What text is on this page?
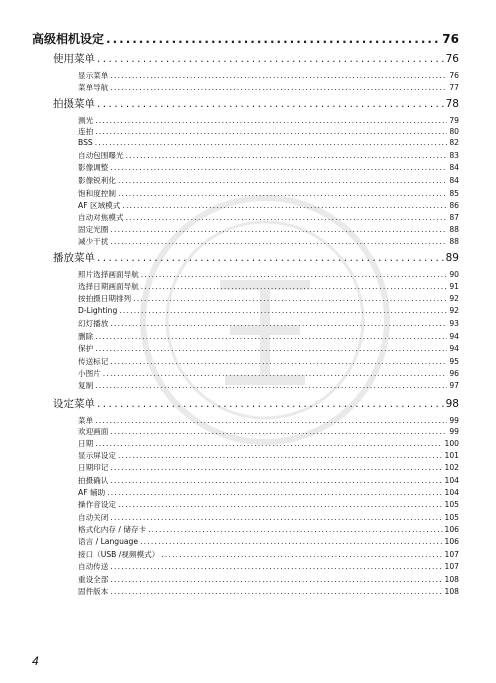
高级相机设定 .....	76
使用菜单 .....	76
显示菜单 .....	76
菜单导航 .....	77
拍摄菜单 .....	78
测光 .....	79
连拍 .....	80
BSS .....	82
自动包围曝光 .....	83
影像调整 .....	84
影像锐利化 .....	84
饱和度控制 .....	85
AF 区域模式 .....	86
自动对焦模式 .....	87
固定光圈 .....	88
减少干扰 .....	88
播放菜单 .....	89
照片选择画面导航 .....	90
选择日期画面导航 .....	91
按拍摄日期排列 .....	92
D-Lighting .....	92
幻灯播放 .....	93
删除 .....	94
保护 .....	94
传送标记 .....	95
小图片 .....	96
复制 .....	97
设定菜单 .....	98
菜单 .....	99
欢迎画面 .....	99
日期 .....	100
显示屏设定 .....	101
日期印记 .....	102
拍摄确认 .....	104
AF 辅助 .....	104
操作音设定 .....	105
自动关闭 .....	105
格式化内存 / 储存卡 .....	106
语言 / Language .....	106
接口（USB /视频模式） .....	107
自动传送 .....	107
重设全部 .....	108
固件版本 .....	108
4
